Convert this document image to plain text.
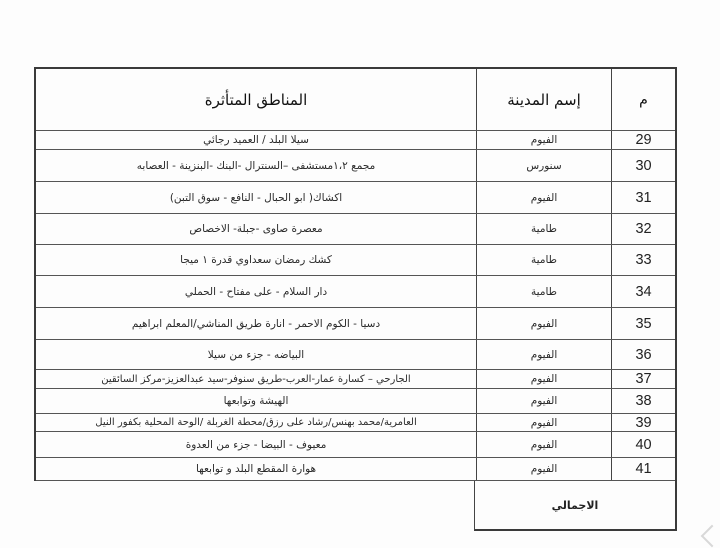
م
إسم المدينة
المناطق المتأثرة
29
الفيوم
سيلا البلد / العميد رجائي
30
سنورس
مجمع ١،٢مستشفى –السنترال -البنك -البنزينة - العصابه
31
الفيوم
اكشاك( ابو الحبال - النافع - سوق التبن)
32
طامية
معصرة صاوى -جبلة- الاخصاص
33
طامية
كشك رمضان سعداوي قدرة ١ ميجا
34
طامية
دار السلام - على مفتاح - الحملي
35
الفيوم
دسيا - الكوم الاحمر - انارة طريق المناشي/المعلم ابراهيم
36
الفيوم
البياضه - جزء من سيلا
37
الفيوم
الجارحي – كسارة عمار-العرب-طريق سنوفر-سيد عبدالعزيز-مركز السائقين
38
الفيوم
الهيشة وتوابعها
39
الفيوم
العامرية/محمد بهنس/رشاد على رزق/محطة الغربلة /الوحة المحلية بكفور النيل
40
الفيوم
معيوف - البيضا - جزء من العدوة
41
الفيوم
هوارة المقطع البلد و توابعها
الاجمالي
